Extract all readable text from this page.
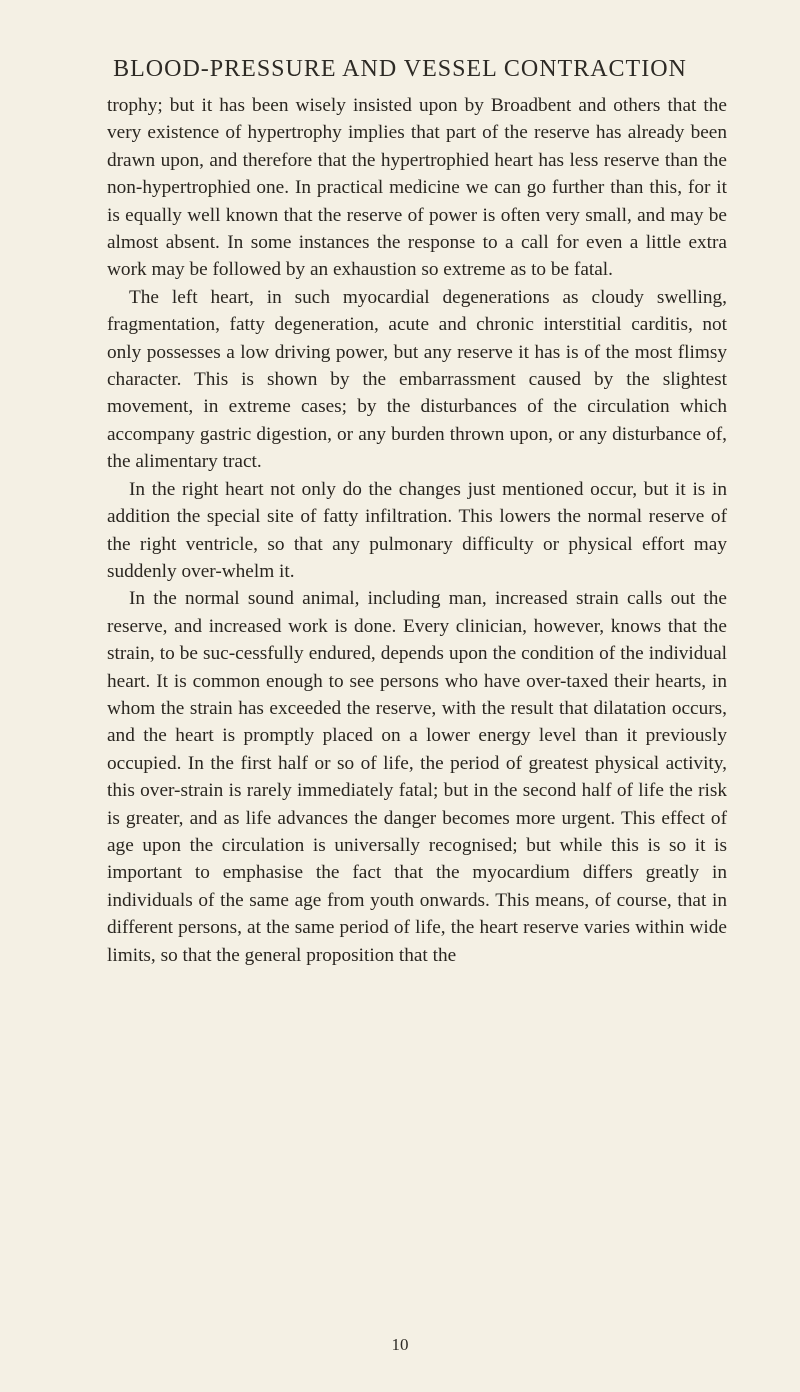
BLOOD-PRESSURE AND VESSEL CONTRACTION

trophy; but it has been wisely insisted upon by Broadbent and others that the very existence of hypertrophy implies that part of the reserve has already been drawn upon, and therefore that the hypertrophied heart has less reserve than the non-hypertrophied one. In practical medicine we can go further than this, for it is equally well known that the reserve of power is often very small, and may be almost absent. In some instances the response to a call for even a little extra work may be followed by an exhaustion so extreme as to be fatal.

The left heart, in such myocardial degenerations as cloudy swelling, fragmentation, fatty degeneration, acute and chronic interstitial carditis, not only possesses a low driving power, but any reserve it has is of the most flimsy character. This is shown by the embarrassment caused by the slightest movement, in extreme cases; by the disturbances of the circulation which accompany gastric digestion, or any burden thrown upon, or any disturbance of, the alimentary tract.

In the right heart not only do the changes just mentioned occur, but it is in addition the special site of fatty infiltration. This lowers the normal reserve of the right ventricle, so that any pulmonary difficulty or physical effort may suddenly over-whelm it.

In the normal sound animal, including man, increased strain calls out the reserve, and increased work is done. Every clinician, however, knows that the strain, to be suc-cessfully endured, depends upon the condition of the individual heart. It is common enough to see persons who have over-taxed their hearts, in whom the strain has exceeded the reserve, with the result that dilatation occurs, and the heart is promptly placed on a lower energy level than it previously occupied. In the first half or so of life, the period of greatest physical activity, this over-strain is rarely immediately fatal; but in the second half of life the risk is greater, and as life advances the danger becomes more urgent. This effect of age upon the circulation is universally recognised; but while this is so it is important to emphasise the fact that the myocardium differs greatly in individuals of the same age from youth onwards. This means, of course, that in different persons, at the same period of life, the heart reserve varies within wide limits, so that the general proposition that the

10
